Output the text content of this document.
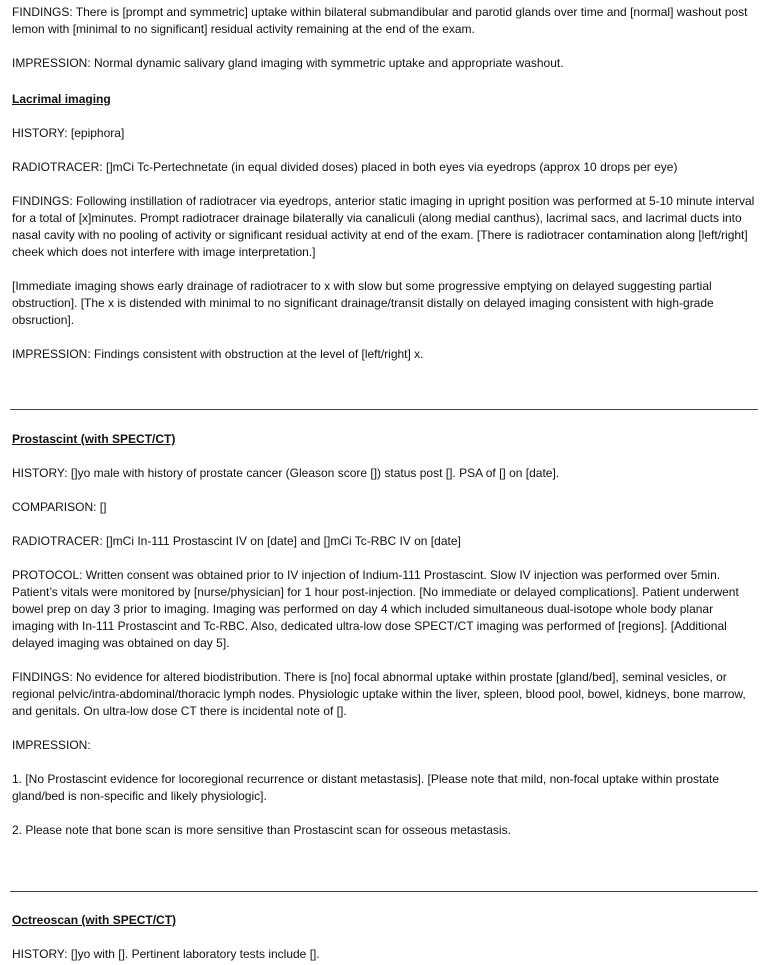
FINDINGS: There is [prompt and symmetric] uptake within bilateral submandibular and parotid glands over time and [normal] washout post lemon with [minimal to no significant] residual activity remaining at the end of the exam.

IMPRESSION: Normal dynamic salivary gland imaging with symmetric uptake and appropriate washout.

Lacrimal imaging

HISTORY: [epiphora]

RADIOTRACER: []mCi Tc-Pertechnetate (in equal divided doses) placed in both eyes via eyedrops (approx 10 drops per eye)

FINDINGS: Following instillation of radiotracer via eyedrops, anterior static imaging in upright position was performed at 5-10 minute interval for a total of [x]minutes. Prompt radiotracer drainage bilaterally via canaliculi (along medial canthus), lacrimal sacs, and lacrimal ducts into nasal cavity with no pooling of activity or significant residual activity at end of the exam. [There is radiotracer contamination along [left/right] cheek which does not interfere with image interpretation.]

[Immediate imaging shows early drainage of radiotracer to x with slow but some progressive emptying on delayed suggesting partial obstruction]. [The x is distended with minimal to no significant drainage/transit distally on delayed imaging consistent with high-grade obsruction].

IMPRESSION: Findings consistent with obstruction at the level of [left/right] x.

Prostascint (with SPECT/CT)

HISTORY: []yo male with history of prostate cancer (Gleason score []) status post []. PSA of [] on [date].

COMPARISON: []

RADIOTRACER: []mCi In-111 Prostascint IV on [date] and []mCi Tc-RBC IV on [date]

PROTOCOL: Written consent was obtained prior to IV injection of Indium-111 Prostascint. Slow IV injection was performed over 5min. Patient’s vitals were monitored by [nurse/physician] for 1 hour post-injection. [No immediate or delayed complications]. Patient underwent bowel prep on day 3 prior to imaging. Imaging was performed on day 4 which included simultaneous dual-isotope whole body planar imaging with In-111 Prostascint and Tc-RBC. Also, dedicated ultra-low dose SPECT/CT imaging was performed of [regions]. [Additional delayed imaging was obtained on day 5].

FINDINGS: No evidence for altered biodistribution. There is [no] focal abnormal uptake within prostate [gland/bed], seminal vesicles, or regional pelvic/intra-abdominal/thoracic lymph nodes. Physiologic uptake within the liver, spleen, blood pool, bowel, kidneys, bone marrow, and genitals. On ultra-low dose CT there is incidental note of [].

IMPRESSION:

1. [No Prostascint evidence for locoregional recurrence or distant metastasis]. [Please note that mild, non-focal uptake within prostate gland/bed is non-specific and likely physiologic].

2. Please note that bone scan is more sensitive than Prostascint scan for osseous metastasis.

Octreoscan (with SPECT/CT)

HISTORY: []yo with []. Pertinent laboratory tests include [].
